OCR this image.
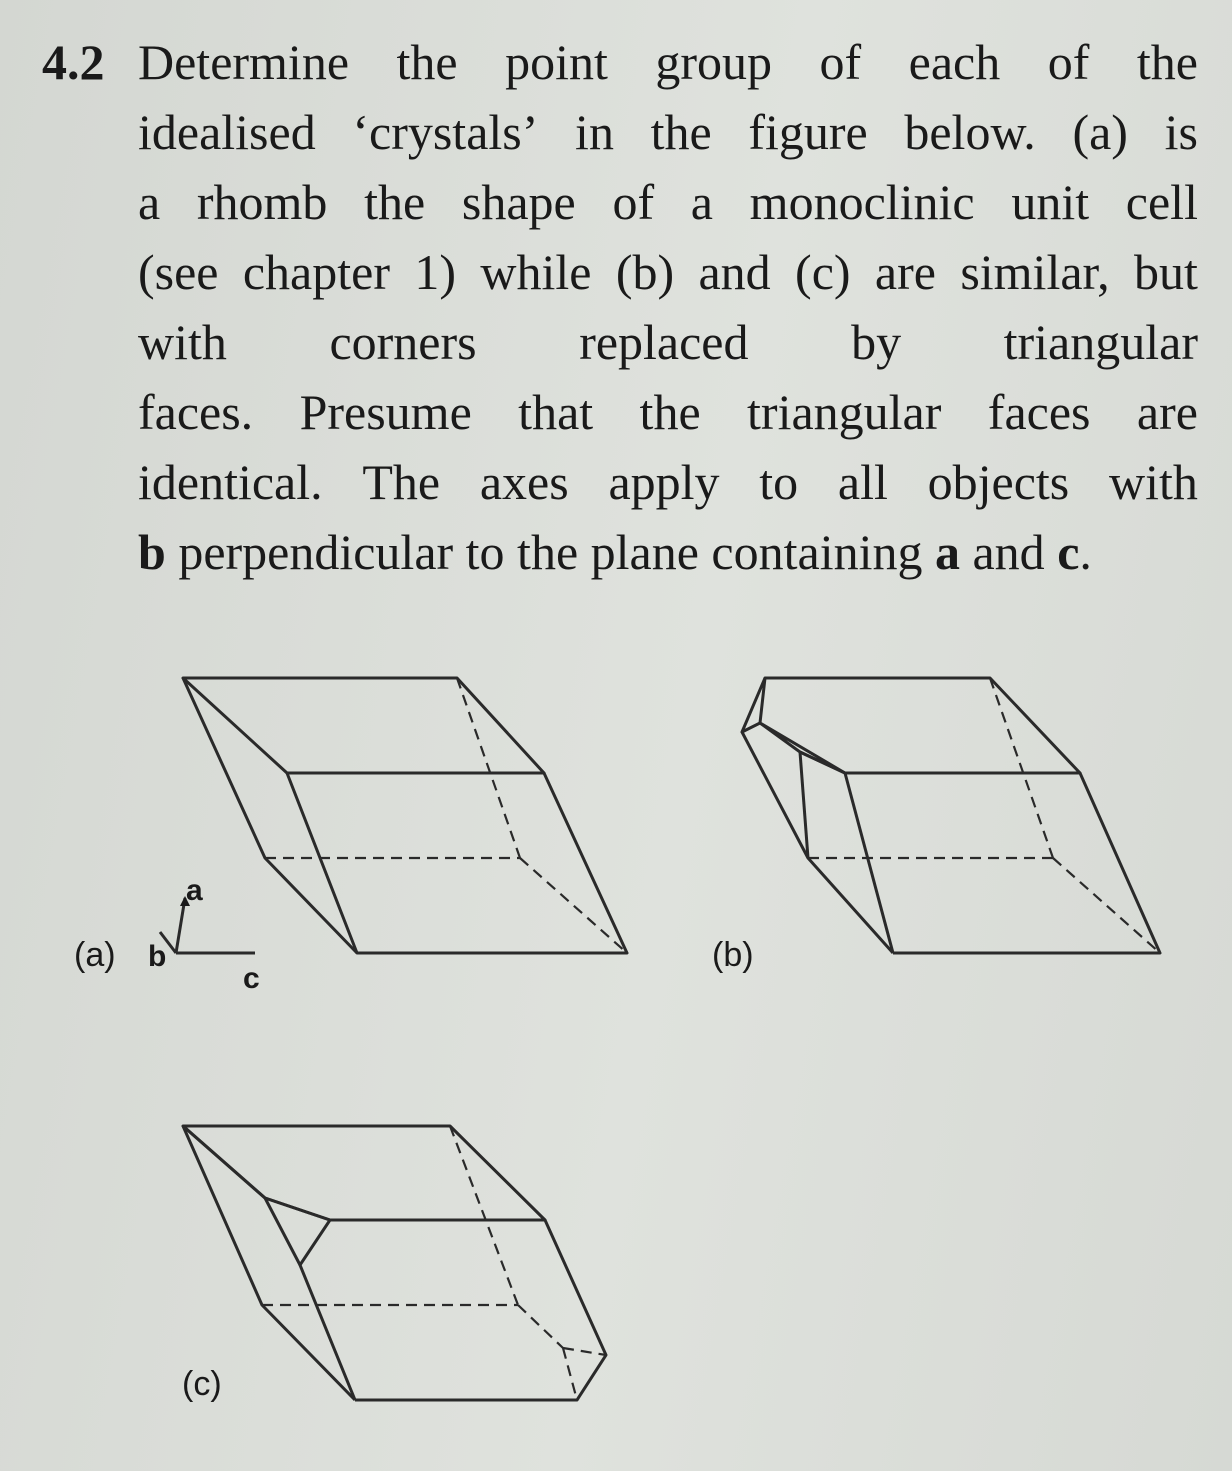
4.2 Determine the point group of each of the
idealised ‘crystals’ in the figure below. (a) is
a rhomb the shape of a monoclinic unit cell
(see chapter 1) while (b) and (c) are similar, but
with corners replaced by triangular
faces. Presume that the triangular faces are
identical. The axes apply to all objects with
b perpendicular to the plane containing a and c.
a
b
c
(a)	(b)
(c)
